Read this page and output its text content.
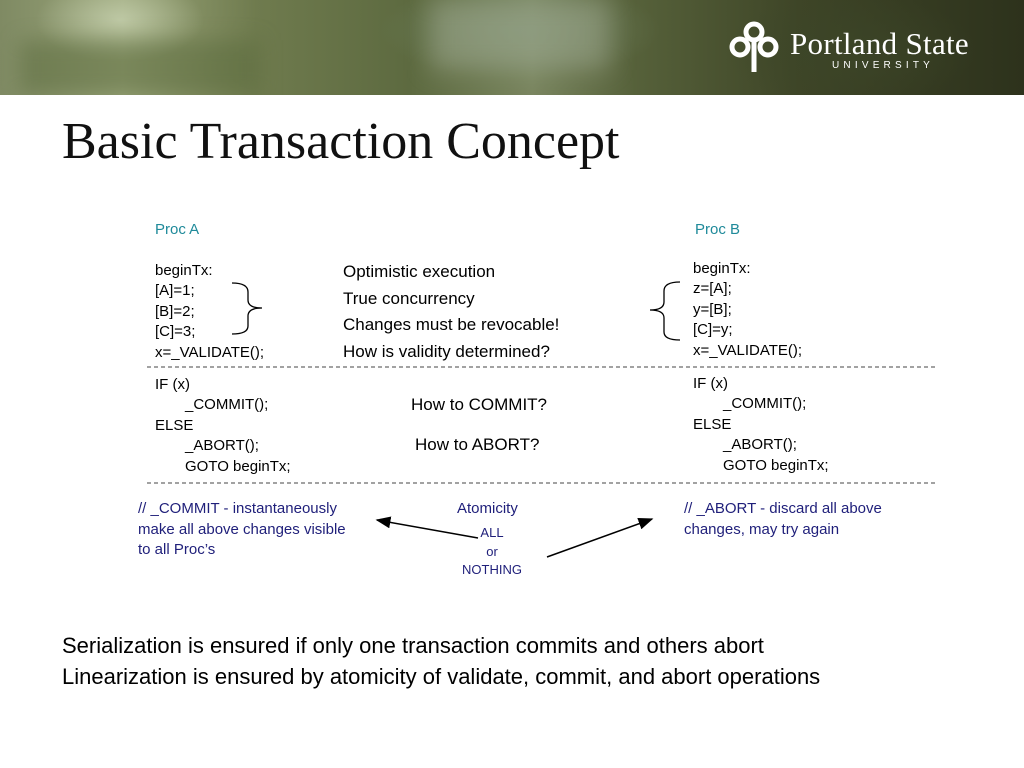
Portland State
UNIVERSITY
Basic Transaction Concept
Proc A	Proc B
beginTx:
[A]=1;
[B]=2;
[C]=3;
x=_VALIDATE();
IF (x)
_COMMIT();
ELSE
_ABORT();
GOTO beginTx;
beginTx:
z=[A];
y=[B];
[C]=y;
x=_VALIDATE();
IF (x)
_COMMIT();
ELSE
_ABORT();
GOTO beginTx;
Optimistic execution
True concurrency
Changes must be revocable!
How is validity determined?
How to COMMIT?
How to ABORT?
// _COMMIT - instantaneously
make all above changes visible
to all Proc’s
// _ABORT - discard all above
changes, may try again
Atomicity
ALL
or
NOTHING
Serialization is ensured if only one transaction commits and others abort
Linearization is ensured by atomicity of validate, commit, and abort operations
